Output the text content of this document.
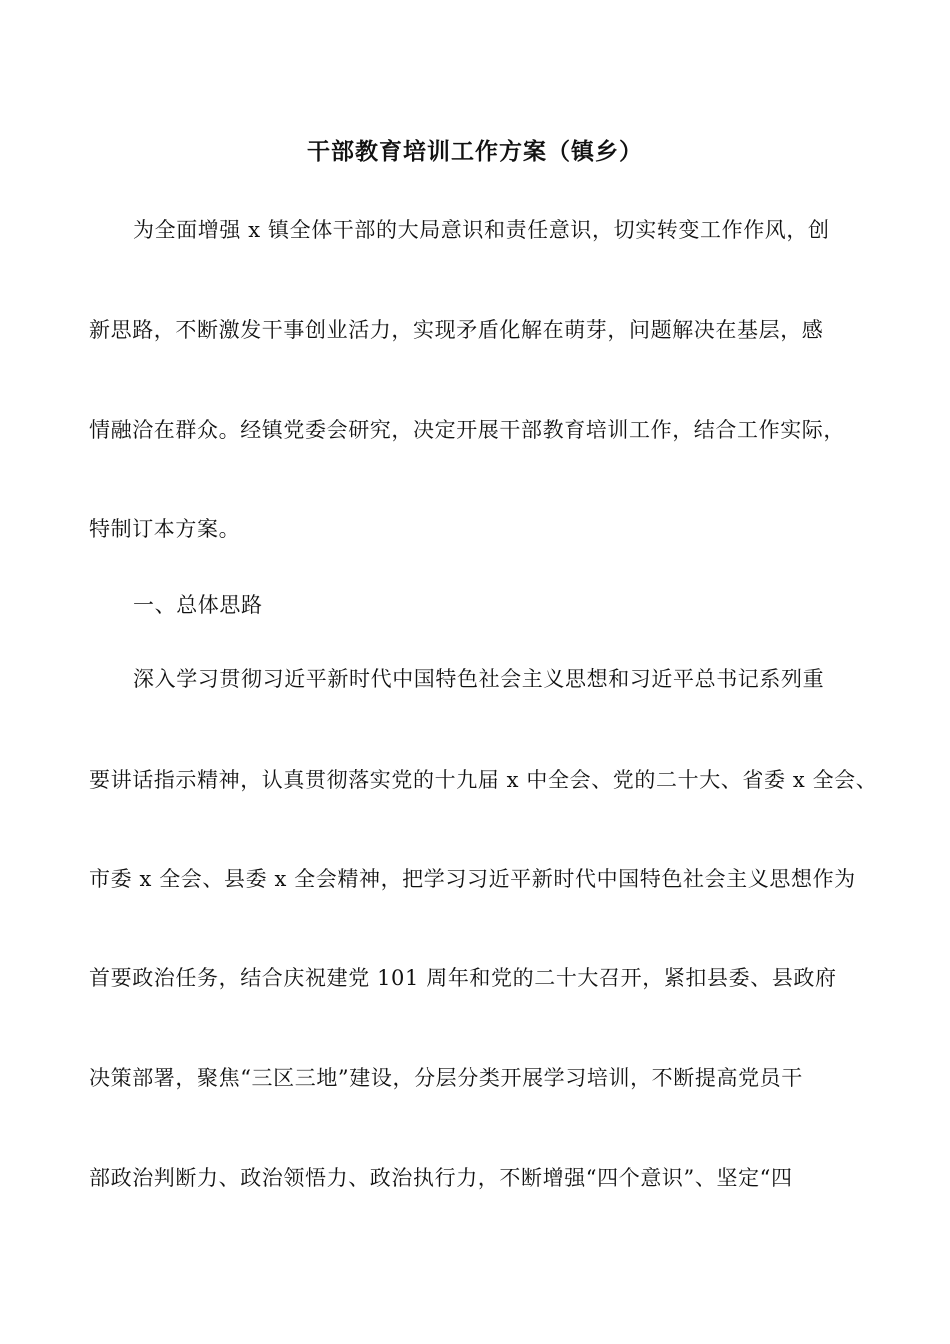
干部教育培训工作方案（镇乡）
为全面增强 x 镇全体干部的大局意识和责任意识，切实转变工作作风，创
新思路，不断激发干事创业活力，实现矛盾化解在萌芽，问题解决在基层，感
情融洽在群众。经镇党委会研究，决定开展干部教育培训工作，结合工作实际，
特制订本方案。
一、总体思路
深入学习贯彻习近平新时代中国特色社会主义思想和习近平总书记系列重
要讲话指示精神，认真贯彻落实党的十九届 x 中全会、党的二十大、省委 x 全会、
市委 x 全会、县委 x 全会精神，把学习习近平新时代中国特色社会主义思想作为
首要政治任务，结合庆祝建党 101 周年和党的二十大召开，紧扣县委、县政府
决策部署，聚焦“三区三地”建设，分层分类开展学习培训，不断提高党员干
部政治判断力、政治领悟力、政治执行力，不断增强“四个意识”、坚定“四
